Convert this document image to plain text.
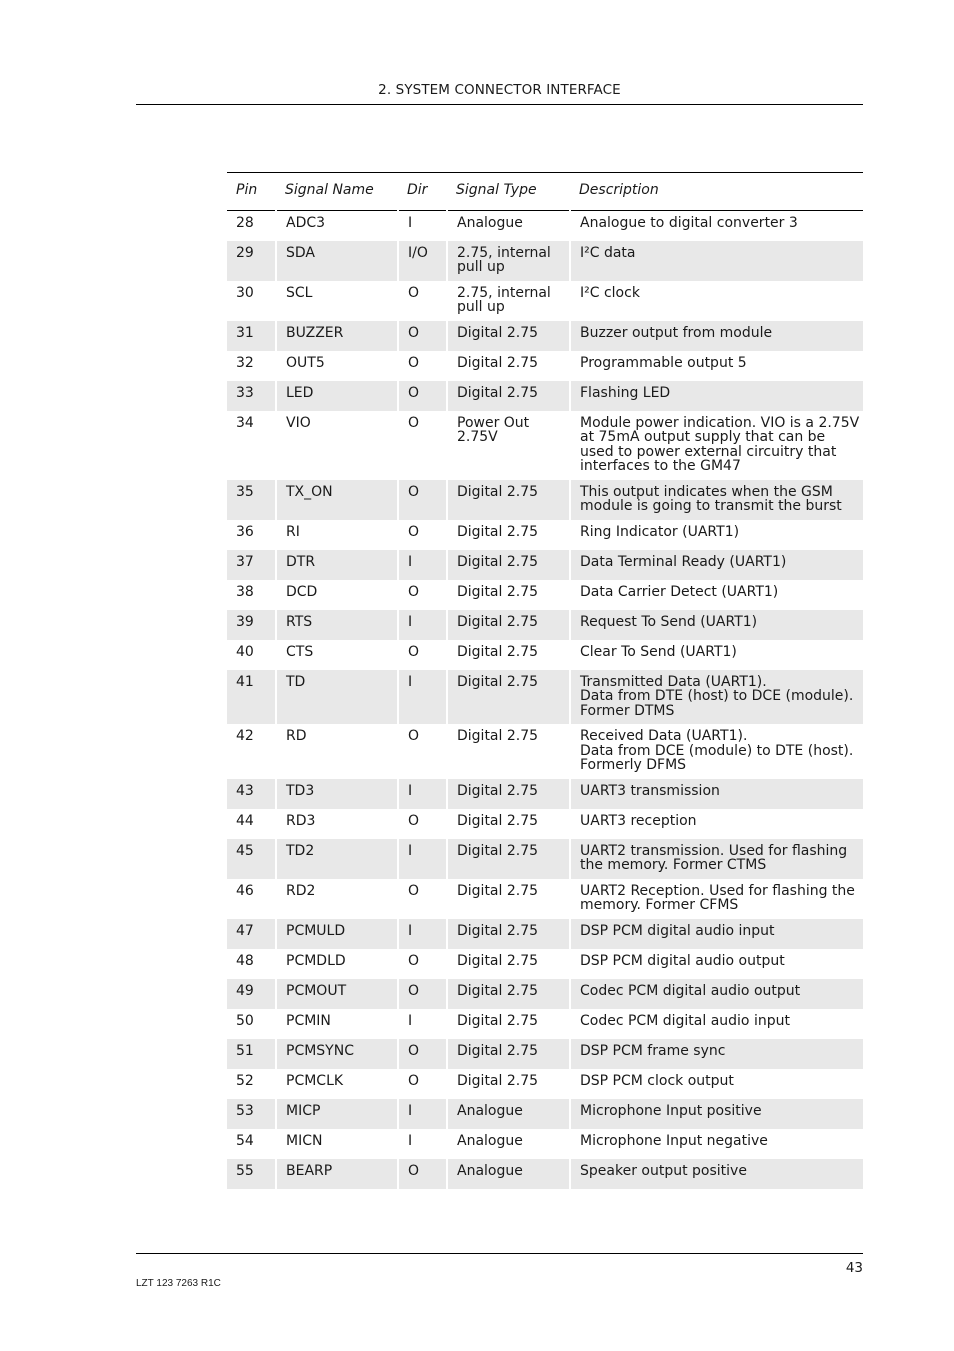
2. SYSTEM CONNECTOR INTERFACE
Pin	Signal Name	Dir	Signal Type	Description
28	ADC3	I	Analogue	Analogue to digital converter 3

29	SDA	I/O	2.75, internal pull up	I²C data

30	SCL	O	2.75, internal pull up	I²C clock

31	BUZZER	O	Digital 2.75	Buzzer output from module

32	OUT5	O	Digital 2.75	Programmable output 5

33	LED	O	Digital 2.75	Flashing LED

34	VIO	O	Power Out 2.75V	Module power indication. VIO is a 2.75V at 75mA output supply that can be used to power external circuitry that interfaces to the GM47

35	TX_ON	O	Digital 2.75	This output indicates when the GSM module is going to transmit the burst

36	RI	O	Digital 2.75	Ring Indicator (UART1)

37	DTR	I	Digital 2.75	Data Terminal Ready (UART1)

38	DCD	O	Digital 2.75	Data Carrier Detect (UART1)

39	RTS	I	Digital 2.75	Request To Send (UART1)

40	CTS	O	Digital 2.75	Clear To Send (UART1)

41	TD	I	Digital 2.75	Transmitted Data (UART1).
Data from DTE (host) to DCE (module).
Former DTMS

42	RD	O	Digital 2.75	Received Data (UART1).
Data from DCE (module) to DTE (host).
Formerly DFMS

43	TD3	I	Digital 2.75	UART3 transmission

44	RD3	O	Digital 2.75	UART3 reception

45	TD2	I	Digital 2.75	UART2 transmission. Used for flashing the memory. Former CTMS

46	RD2	O	Digital 2.75	UART2 Reception. Used for flashing the memory. Former CFMS

47	PCMULD	I	Digital 2.75	DSP PCM digital audio input

48	PCMDLD	O	Digital 2.75	DSP PCM digital audio output

49	PCMOUT	O	Digital 2.75	Codec PCM digital audio output

50	PCMIN	I	Digital 2.75	Codec PCM digital audio input

51	PCMSYNC	O	Digital 2.75	DSP PCM frame sync

52	PCMCLK	O	Digital 2.75	DSP PCM clock output

53	MICP	I	Analogue	Microphone Input positive

54	MICN	I	Analogue	Microphone Input negative

55	BEARP	O	Analogue	Speaker output positive
43
LZT 123 7263 R1C
